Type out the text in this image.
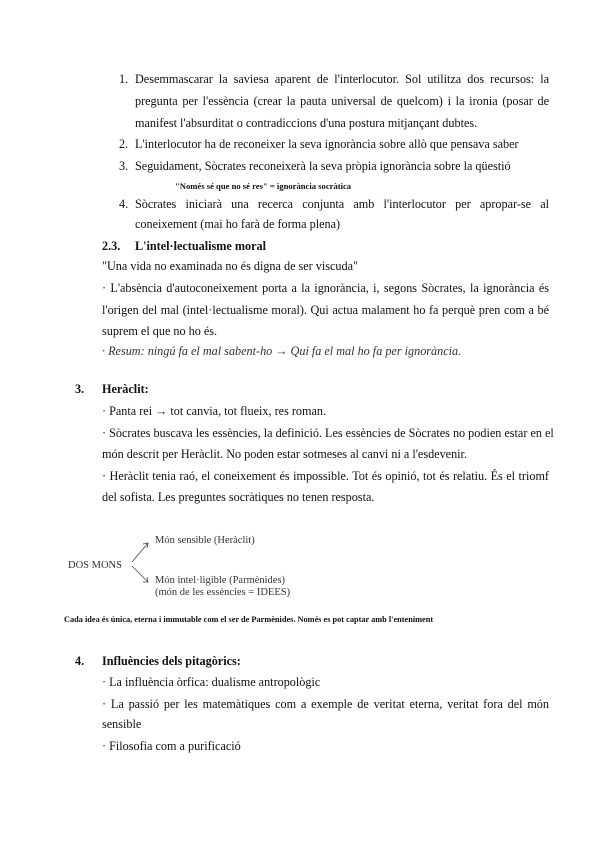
1. Desemmascarar la saviesa aparent de l'interlocutor. Sol utilitza dos recursos: la
pregunta per l'essència (crear la pauta universal de quelcom) i la ironia (posar de
manifest l'absurditat o contradiccions d'una postura mitjançant dubtes.
2. L'interlocutor ha de reconeixer la seva ignorància sobre allò que pensava saber
3. Seguidament, Sòcrates reconeixerà la seva pròpia ignorància sobre la qüestió
"Només sé que no sé res" = ignorància socràtica
4. Sòcrates iniciarà una recerca conjunta amb l'interlocutor per apropar-se al
coneixement (mai ho farà de forma plena)
2.3. L'intel·lectualisme moral
"Una vida no examinada no és digna de ser viscuda"
· L'absència d'autoconeixement porta a la ignorància, i, segons Sòcrates, la ignorància és
l'origen del mal (intel·lectualisme moral). Qui actua malament ho fa perquè pren com a bé
suprem el que no ho és.
· Resum: ningú fa el mal sabent-ho → Qui fa el mal ho fa per ignorància.
3. Heràclit:
· Panta rei → tot canvia, tot flueix, res roman.
· Sòcrates buscava les essències, la definició. Les essències de Sòcrates no podien estar en el
món descrit per Heràclit. No poden estar sotmeses al canvi ni a l'esdevenir.
· Heràclit tenia raó, el coneixement és impossible. Tot és opinió, tot és relatiu. És el triomf
del sofista. Les preguntes socràtiques no tenen resposta.
DOS MONS
Món sensible (Heràclit)
Món intel·ligible (Parmènides)
(món de les essències = IDEES)
Cada idea és única, eterna i immutable com el ser de Parmènides. Només es pot captar amb l'enteniment
4. Influències dels pitagòrics:
· La influència òrfica: dualisme antropològic
· La passió per les matemàtiques com a exemple de veritat eterna, veritat fora del món
sensible
· Filosofia com a purificació
